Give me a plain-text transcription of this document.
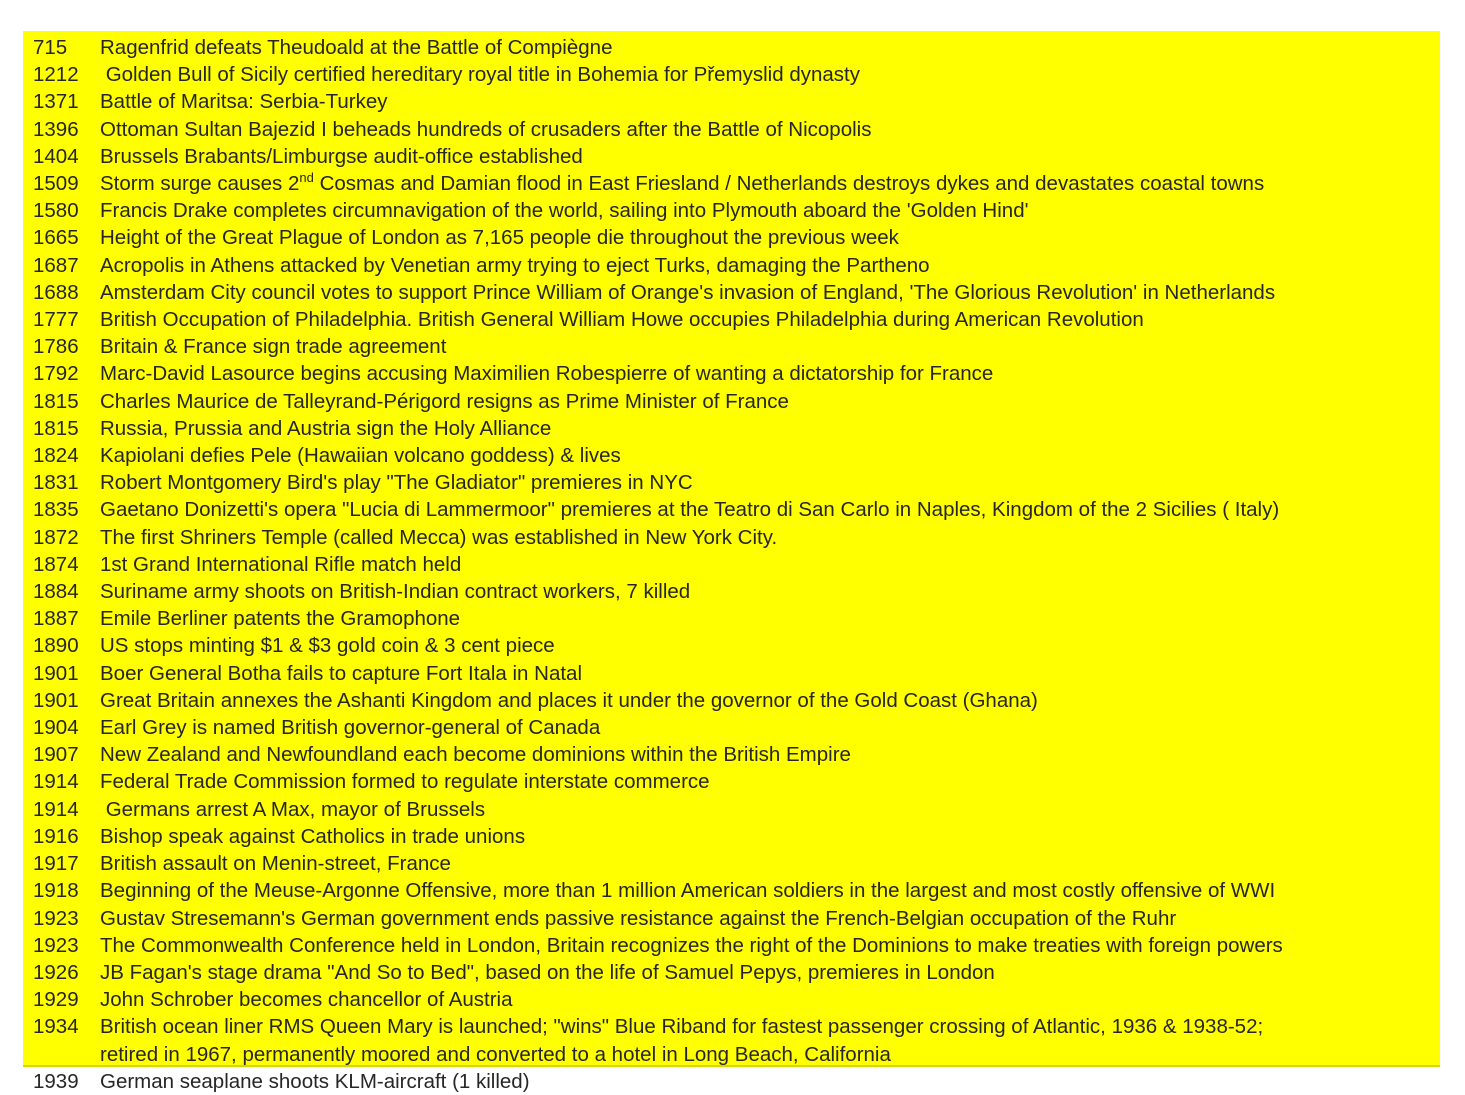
715	Ragenfrid defeats Theudoald at the Battle of Compiègne
1212	Golden Bull of Sicily certified hereditary royal title in Bohemia for Přemyslid dynasty
1371	Battle of Maritsa: Serbia-Turkey
1396	Ottoman Sultan Bajezid I beheads hundreds of crusaders after the Battle of Nicopolis
1404	Brussels Brabants/Limburgse audit-office established
1509	Storm surge causes 2nd Cosmas and Damian flood in East Friesland / Netherlands destroys dykes and devastates coastal towns
1580	Francis Drake completes circumnavigation of the world, sailing into Plymouth aboard the 'Golden Hind'
1665	Height of the Great Plague of London as 7,165 people die throughout the previous week
1687	Acropolis in Athens attacked by Venetian army trying to eject Turks, damaging the Partheno
1688	Amsterdam City council votes to support Prince William of Orange's invasion of England, 'The Glorious Revolution' in Netherlands
1777	British Occupation of Philadelphia. British General William Howe occupies Philadelphia during American Revolution
1786	Britain & France sign trade agreement
1792	Marc-David Lasource begins accusing Maximilien Robespierre of wanting a dictatorship for France
1815	Charles Maurice de Talleyrand-Périgord resigns as Prime Minister of France
1815	Russia, Prussia and Austria sign the Holy Alliance
1824	Kapiolani defies Pele (Hawaiian volcano goddess) & lives
1831	Robert Montgomery Bird's play "The Gladiator" premieres in NYC
1835	Gaetano Donizetti's opera "Lucia di Lammermoor" premieres at the Teatro di San Carlo in Naples, Kingdom of the 2 Sicilies ( Italy)
1872	The first Shriners Temple (called Mecca) was established in New York City.
1874	1st Grand International Rifle match held
1884	Suriname army shoots on British-Indian contract workers, 7 killed
1887	Emile Berliner patents the Gramophone
1890	US stops minting $1 & $3 gold coin & 3 cent piece
1901	Boer General Botha fails to capture Fort Itala in Natal
1901	Great Britain annexes the Ashanti Kingdom and places it under the governor of the Gold Coast (Ghana)
1904	Earl Grey is named British governor-general of Canada
1907	New Zealand and Newfoundland each become dominions within the British Empire
1914	Federal Trade Commission formed to regulate interstate commerce
1914	Germans arrest A Max, mayor of Brussels
1916	Bishop speak against Catholics in trade unions
1917	British assault on Menin-street, France
1918	Beginning of the Meuse-Argonne Offensive, more than 1 million American soldiers in the largest and most costly offensive of WWI
1923	Gustav Stresemann's German government ends passive resistance against the French-Belgian occupation of the Ruhr
1923	The Commonwealth Conference held in London, Britain recognizes the right of the Dominions to make treaties with foreign powers
1926	JB Fagan's stage drama "And So to Bed", based on the life of Samuel Pepys, premieres in London
1929	John Schrober becomes chancellor of Austria
1934	British ocean liner RMS Queen Mary is launched; "wins" Blue Riband for fastest passenger crossing of Atlantic, 1936 & 1938-52;
retired in 1967, permanently moored and converted to a hotel in Long Beach, California
1939	German seaplane shoots KLM-aircraft (1 killed)
